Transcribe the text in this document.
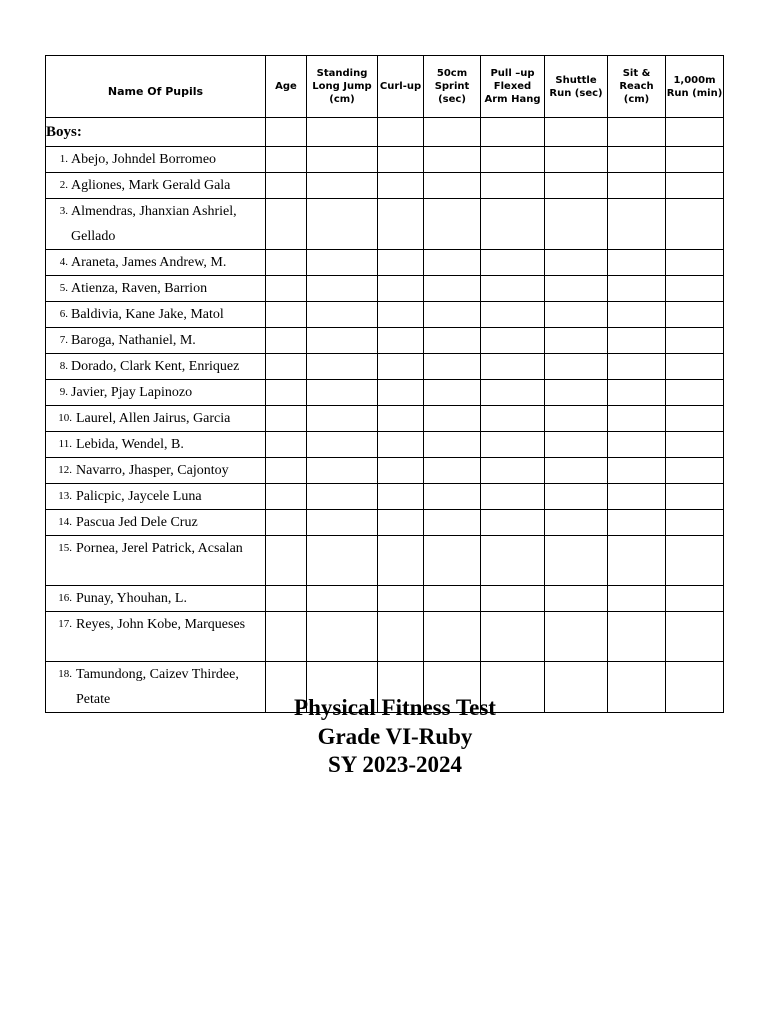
Name Of Pupils	Age	Standing Long Jump (cm)	Curl-up	50cm Sprint (sec)	Pull –up Flexed Arm Hang	Shuttle Run (sec)	Sit & Reach (cm)	1,000m Run (min)
Boys:								

1. Abejo, Johndel Borromeo								

2. Agliones, Mark Gerald Gala								

3. Almendras, Jhanxian Ashriel, Gellado								

4. Araneta, James Andrew, M.								

5. Atienza, Raven, Barrion								

6. Baldivia, Kane Jake, Matol								

7. Baroga, Nathaniel, M.								

8. Dorado, Clark Kent, Enriquez								

9. Javier, Pjay Lapinozo								

10. Laurel, Allen Jairus, Garcia								

11. Lebida, Wendel, B.								

12. Navarro, Jhasper, Cajontoy								

13. Palicpic, Jaycele Luna								

14. Pascua Jed Dele Cruz								

15. Pornea, Jerel Patrick, Acsalan								

16. Punay, Yhouhan, L.								

17. Reyes, John Kobe, Marqueses								

18. Tamundong, Caizev Thirdee, Petate								
									Physical Fitness Test
Grade VI-Ruby
SY 2023-2024
